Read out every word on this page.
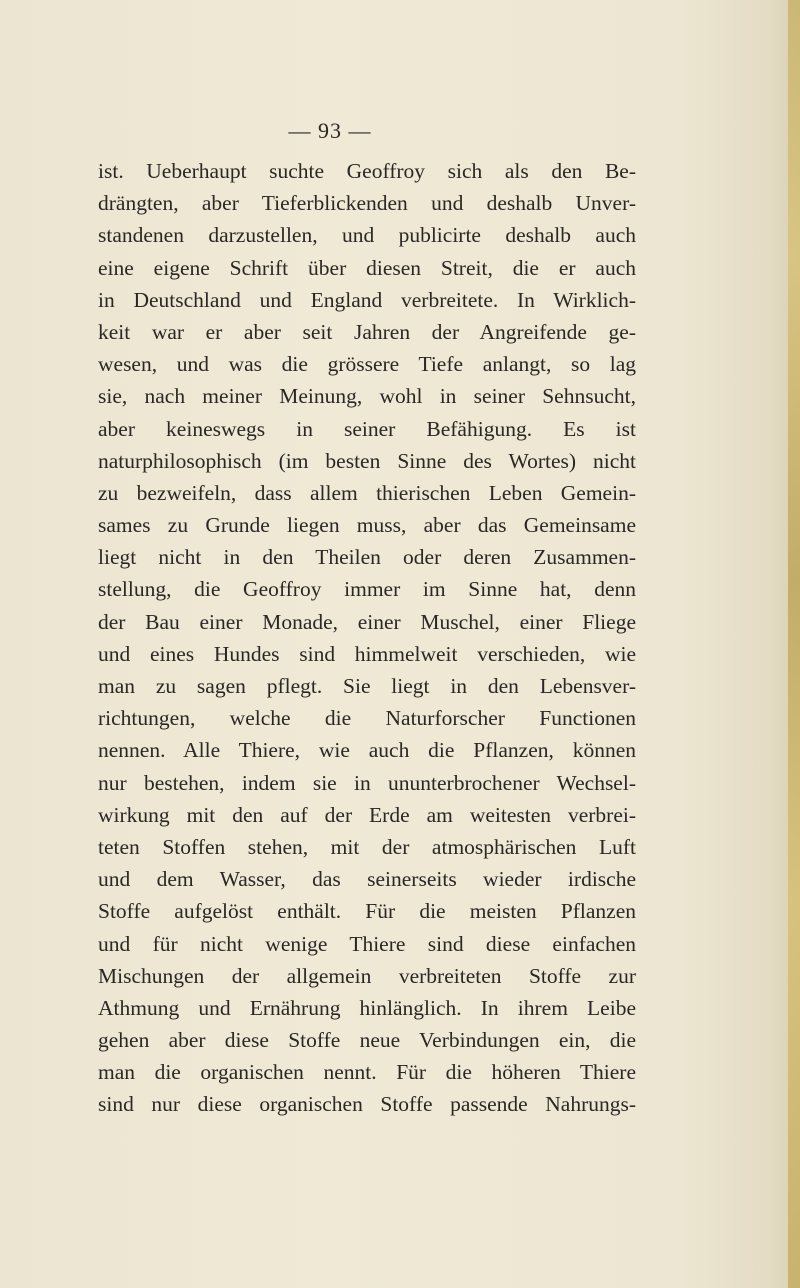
— 93 —
ist. Ueberhaupt suchte Geoffroy sich als den Be-
drängten, aber Tieferblickenden und deshalb Unver-
standenen darzustellen, und publicirte deshalb auch
eine eigene Schrift über diesen Streit, die er auch
in Deutschland und England verbreitete. In Wirklich-
keit war er aber seit Jahren der Angreifende ge-
wesen, und was die grössere Tiefe anlangt, so lag
sie, nach meiner Meinung, wohl in seiner Sehnsucht,
aber keineswegs in seiner Befähigung. Es ist
naturphilosophisch (im besten Sinne des Wortes) nicht
zu bezweifeln, dass allem thierischen Leben Gemein-
sames zu Grunde liegen muss, aber das Gemeinsame
liegt nicht in den Theilen oder deren Zusammen-
stellung, die Geoffroy immer im Sinne hat, denn
der Bau einer Monade, einer Muschel, einer Fliege
und eines Hundes sind himmelweit verschieden, wie
man zu sagen pflegt. Sie liegt in den Lebensver-
richtungen, welche die Naturforscher Functionen
nennen. Alle Thiere, wie auch die Pflanzen, können
nur bestehen, indem sie in ununterbrochener Wechsel-
wirkung mit den auf der Erde am weitesten verbrei-
teten Stoffen stehen, mit der atmosphärischen Luft
und dem Wasser, das seinerseits wieder irdische
Stoffe aufgelöst enthält. Für die meisten Pflanzen
und für nicht wenige Thiere sind diese einfachen
Mischungen der allgemein verbreiteten Stoffe zur
Athmung und Ernährung hinlänglich. In ihrem Leibe
gehen aber diese Stoffe neue Verbindungen ein, die
man die organischen nennt. Für die höheren Thiere
sind nur diese organischen Stoffe passende Nahrungs-
